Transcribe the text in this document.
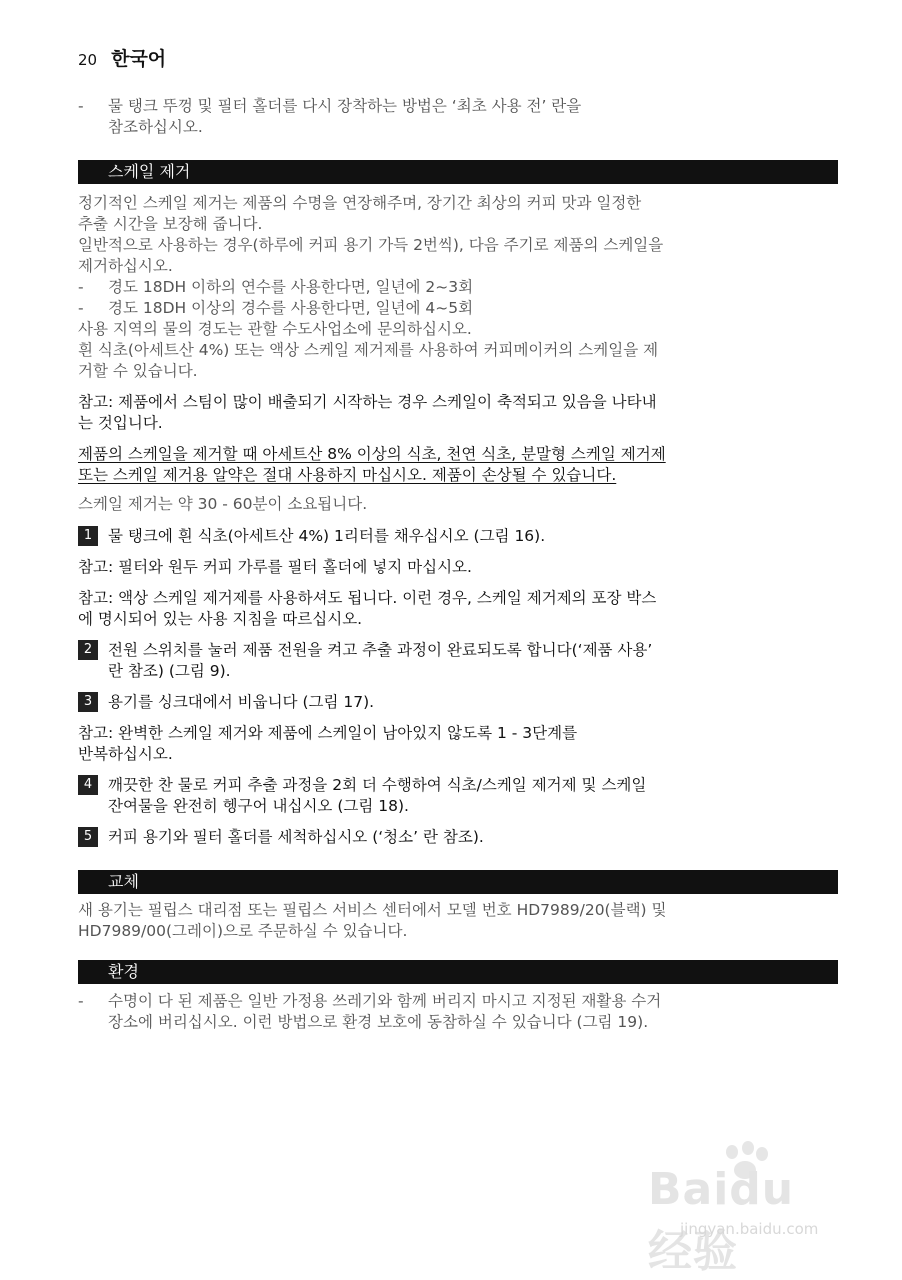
20 한국어
-	물 탱크 뚜껑 및 필터 홀더를 다시 장착하는 방법은 ‘최초 사용 전’ 란을

참조하십시오.

스케일 제거

정기적인 스케일 제거는 제품의 수명을 연장해주며, 장기간 최상의 커피 맛과 일정한

추출 시간을 보장해 줍니다.

일반적으로 사용하는 경우(하루에 커피 용기 가득 2번씩), 다음 주기로 제품의 스케일을

제거하십시오.

-	경도 18DH 이하의 연수를 사용한다면, 일년에 2~3회

-	경도 18DH 이상의 경수를 사용한다면, 일년에 4~5회

사용 지역의 물의 경도는 관할 수도사업소에 문의하십시오.

흰 식초(아세트산 4%) 또는 액상 스케일 제거제를 사용하여 커피메이커의 스케일을 제

거할 수 있습니다.

참고: 제품에서 스팀이 많이 배출되기 시작하는 경우 스케일이 축적되고 있음을 나타내

는 것입니다.

제품의 스케일을 제거할 때 아세트산 8% 이상의 식초, 천연 식초, 분말형 스케일 제거제

또는 스케일 제거용 알약은 절대 사용하지 마십시오. 제품이 손상될 수 있습니다.

스케일 제거는 약 30 - 60분이 소요됩니다.

1	물 탱크에 흰 식초(아세트산 4%) 1리터를 채우십시오 (그림 16).

참고: 필터와 원두 커피 가루를 필터 홀더에 넣지 마십시오.

참고: 액상 스케일 제거제를 사용하셔도 됩니다. 이런 경우, 스케일 제거제의 포장 박스

에 명시되어 있는 사용 지침을 따르십시오.

2	전원 스위치를 눌러 제품 전원을 켜고 추출 과정이 완료되도록 합니다(‘제품 사용’

란 참조) (그림 9).

3	용기를 싱크대에서 비웁니다 (그림 17).

참고: 완벽한 스케일 제거와 제품에 스케일이 남아있지 않도록 1 - 3단계를

반복하십시오.

4	깨끗한 찬 물로 커피 추출 과정을 2회 더 수행하여 식초/스케일 제거제 및 스케일

잔여물을 완전히 헹구어 내십시오 (그림 18).

5	커피 용기와 필터 홀더를 세척하십시오 (‘청소’ 란 참조).

교체

새 용기는 필립스 대리점 또는 필립스 서비스 센터에서 모델 번호 HD7989/20(블랙) 및

HD7989/00(그레이)으로 주문하실 수 있습니다.

환경
-	수명이 다 된 제품은 일반 가정용 쓰레기와 함께 버리지 마시고 지정된 재활용 수거

장소에 버리십시오. 이런 방법으로 환경 보호에 동참하실 수 있습니다 (그림 19).

Baidu 经验
jingyan.baidu.com
